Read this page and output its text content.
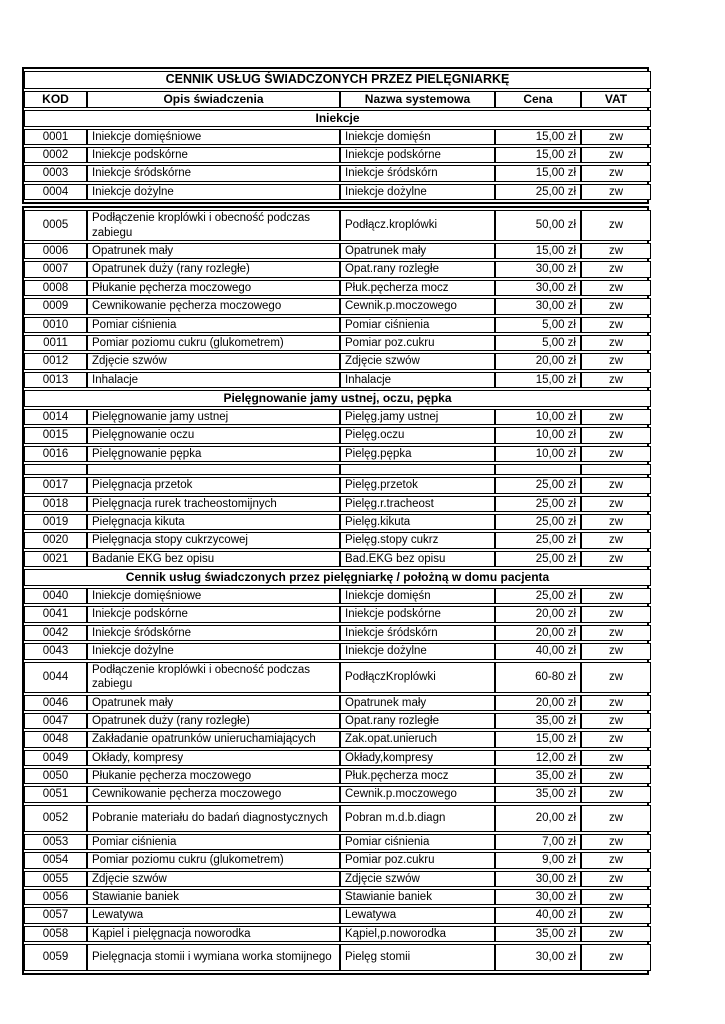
CENNIK USŁUG ŚWIADCZONYCH PRZEZ PIELĘGNIARKĘ				
KOD	Opis świadczenia	Nazwa systemowa	Cena	VAT
Iniekcje				
0001	Iniekcje domięśniowe	Iniekcje domięśn	15,00 zł	zw
0002	Iniekcje podskórne	Iniekcje podskórne	15,00 zł	zw
0003	Iniekcje śródskórne	Iniekcje śródskórn	15,00 zł	zw
0004	Iniekcje dożylne	Iniekcje dożylne	25,00 zł	zw
0005	Podłączenie kroplówki i obecność podczas zabiegu	Podłącz.kroplówki	50,00 zł	zw
0006	Opatrunek mały	Opatrunek mały	15,00 zł	zw
0007	Opatrunek duży (rany rozległe)	Opat.rany rozległe	30,00 zł	zw
0008	Płukanie pęcherza moczowego	Płuk.pęcherza mocz	30,00 zł	zw
0009	Cewnikowanie pęcherza moczowego	Cewnik.p.moczowego	30,00 zł	zw
0010	Pomiar ciśnienia	Pomiar ciśnienia	5,00 zł	zw
0011	Pomiar poziomu cukru (glukometrem)	Pomiar poz.cukru	5,00 zł	zw
0012	Zdjęcie szwów	Zdjęcie szwów	20,00 zł	zw
0013	Inhalacje	Inhalacje	15,00 zł	zw
Pielęgnowanie jamy ustnej, oczu, pępka				
0014	Pielęgnowanie jamy ustnej	Pielęg.jamy ustnej	10,00 zł	zw
0015	Pielęgnowanie oczu	Pielęg.oczu	10,00 zł	zw
0016	Pielęgnowanie pępka	Pielęg.pępka	10,00 zł	zw

0017	Pielęgnacja przetok	Pielęg.przetok	25,00 zł	zw
0018	Pielęgnacja rurek tracheostomijnych	Pielęg.r.tracheost	25,00 zł	zw
0019	Pielęgnacja kikuta	Pielęg.kikuta	25,00 zł	zw
0020	Pielęgnacja stopy cukrzycowej	Pielęg.stopy cukrz	25,00 zł	zw
0021	Badanie EKG bez opisu	Bad.EKG bez opisu	25,00 zł	zw
Cennik usług świadczonych przez pielęgniarkę / położną w domu pacjenta				
0040	Iniekcje domięśniowe	Iniekcje domięśn	25,00 zł	zw
0041	Iniekcje podskórne	Iniekcje podskórne	20,00 zł	zw
0042	Iniekcje śródskórne	Iniekcje śródskórn	20,00 zł	zw
0043	Iniekcje dożylne	Iniekcje dożylne	40,00 zł	zw
0044	Podłączenie kroplówki i obecność podczas zabiegu	PodłączKroplówki	60-80 zł	zw
0046	Opatrunek mały	Opatrunek mały	20,00 zł	zw
0047	Opatrunek duży (rany rozległe)	Opat.rany rozległe	35,00 zł	zw
0048	Zakładanie opatrunków unieruchamiających	Zak.opat.unieruch	15,00 zł	zw
0049	Okłady, kompresy	Okłady,kompresy	12,00 zł	zw
0050	Płukanie pęcherza moczowego	Płuk.pęcherza mocz	35,00 zł	zw
0051	Cewnikowanie pęcherza moczowego	Cewnik.p.moczowego	35,00 zł	zw
0052	Pobranie materiału do badań diagnostycznych	Pobran m.d.b.diagn	20,00 zł	zw
0053	Pomiar ciśnienia	Pomiar ciśnienia	7,00 zł	zw
0054	Pomiar poziomu cukru (glukometrem)	Pomiar poz.cukru	9,00 zł	zw
0055	Zdjęcie szwów	Zdjęcie szwów	30,00 zł	zw
0056	Stawianie baniek	Stawianie baniek	30,00 zł	zw
0057	Lewatywa	Lewatywa	40,00 zł	zw
0058	Kąpiel i pielęgnacja noworodka	Kąpiel,p.noworodka	35,00 zł	zw
0059	Pielęgnacja stomii i wymiana worka stomijnego	Pielęg stomii	30,00 zł	zw
